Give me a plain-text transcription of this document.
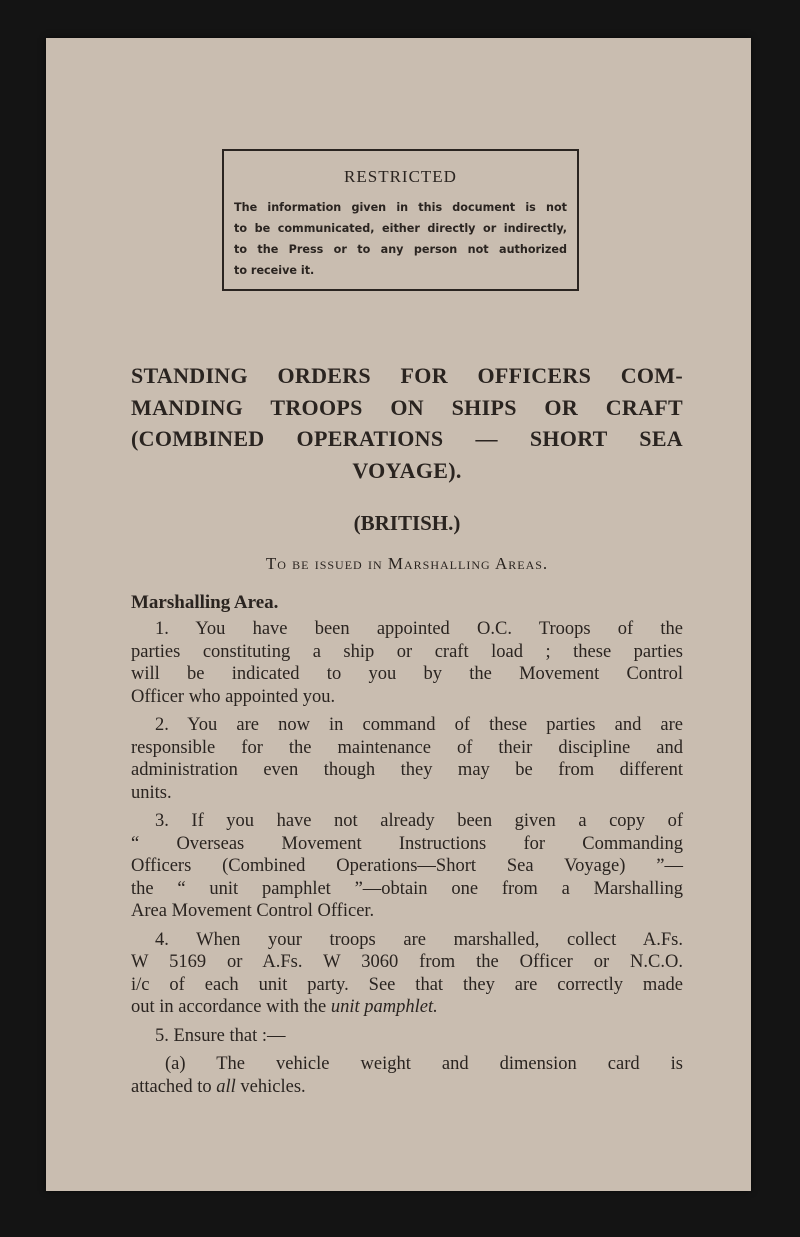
RESTRICTED
The information given in this document is not
to be communicated, either directly or indirectly,
to the Press or to any person not authorized
to receive it.
STANDING ORDERS FOR OFFICERS COM-
MANDING TROOPS ON SHIPS OR CRAFT
(COMBINED OPERATIONS — SHORT SEA
VOYAGE).
(BRITISH.)
To be issued in Marshalling Areas.
Marshalling Area.
1. You have been appointed O.C. Troops of the
parties constituting a ship or craft load ; these parties
will be indicated to you by the Movement Control
Officer who appointed you.
2. You are now in command of these parties and are
responsible for the maintenance of their discipline and
administration even though they may be from different
units.
3. If you have not already been given a copy of
“ Overseas Movement Instructions for Commanding
Officers (Combined Operations—Short Sea Voyage) ”—
the “ unit pamphlet ”—obtain one from a Marshalling
Area Movement Control Officer.
4. When your troops are marshalled, collect A.Fs.
W 5169 or A.Fs. W 3060 from the Officer or N.C.O.
i/c of each unit party. See that they are correctly made
out in accordance with the unit pamphlet.
5. Ensure that :—
(a) The vehicle weight and dimension card is
attached to all vehicles.
